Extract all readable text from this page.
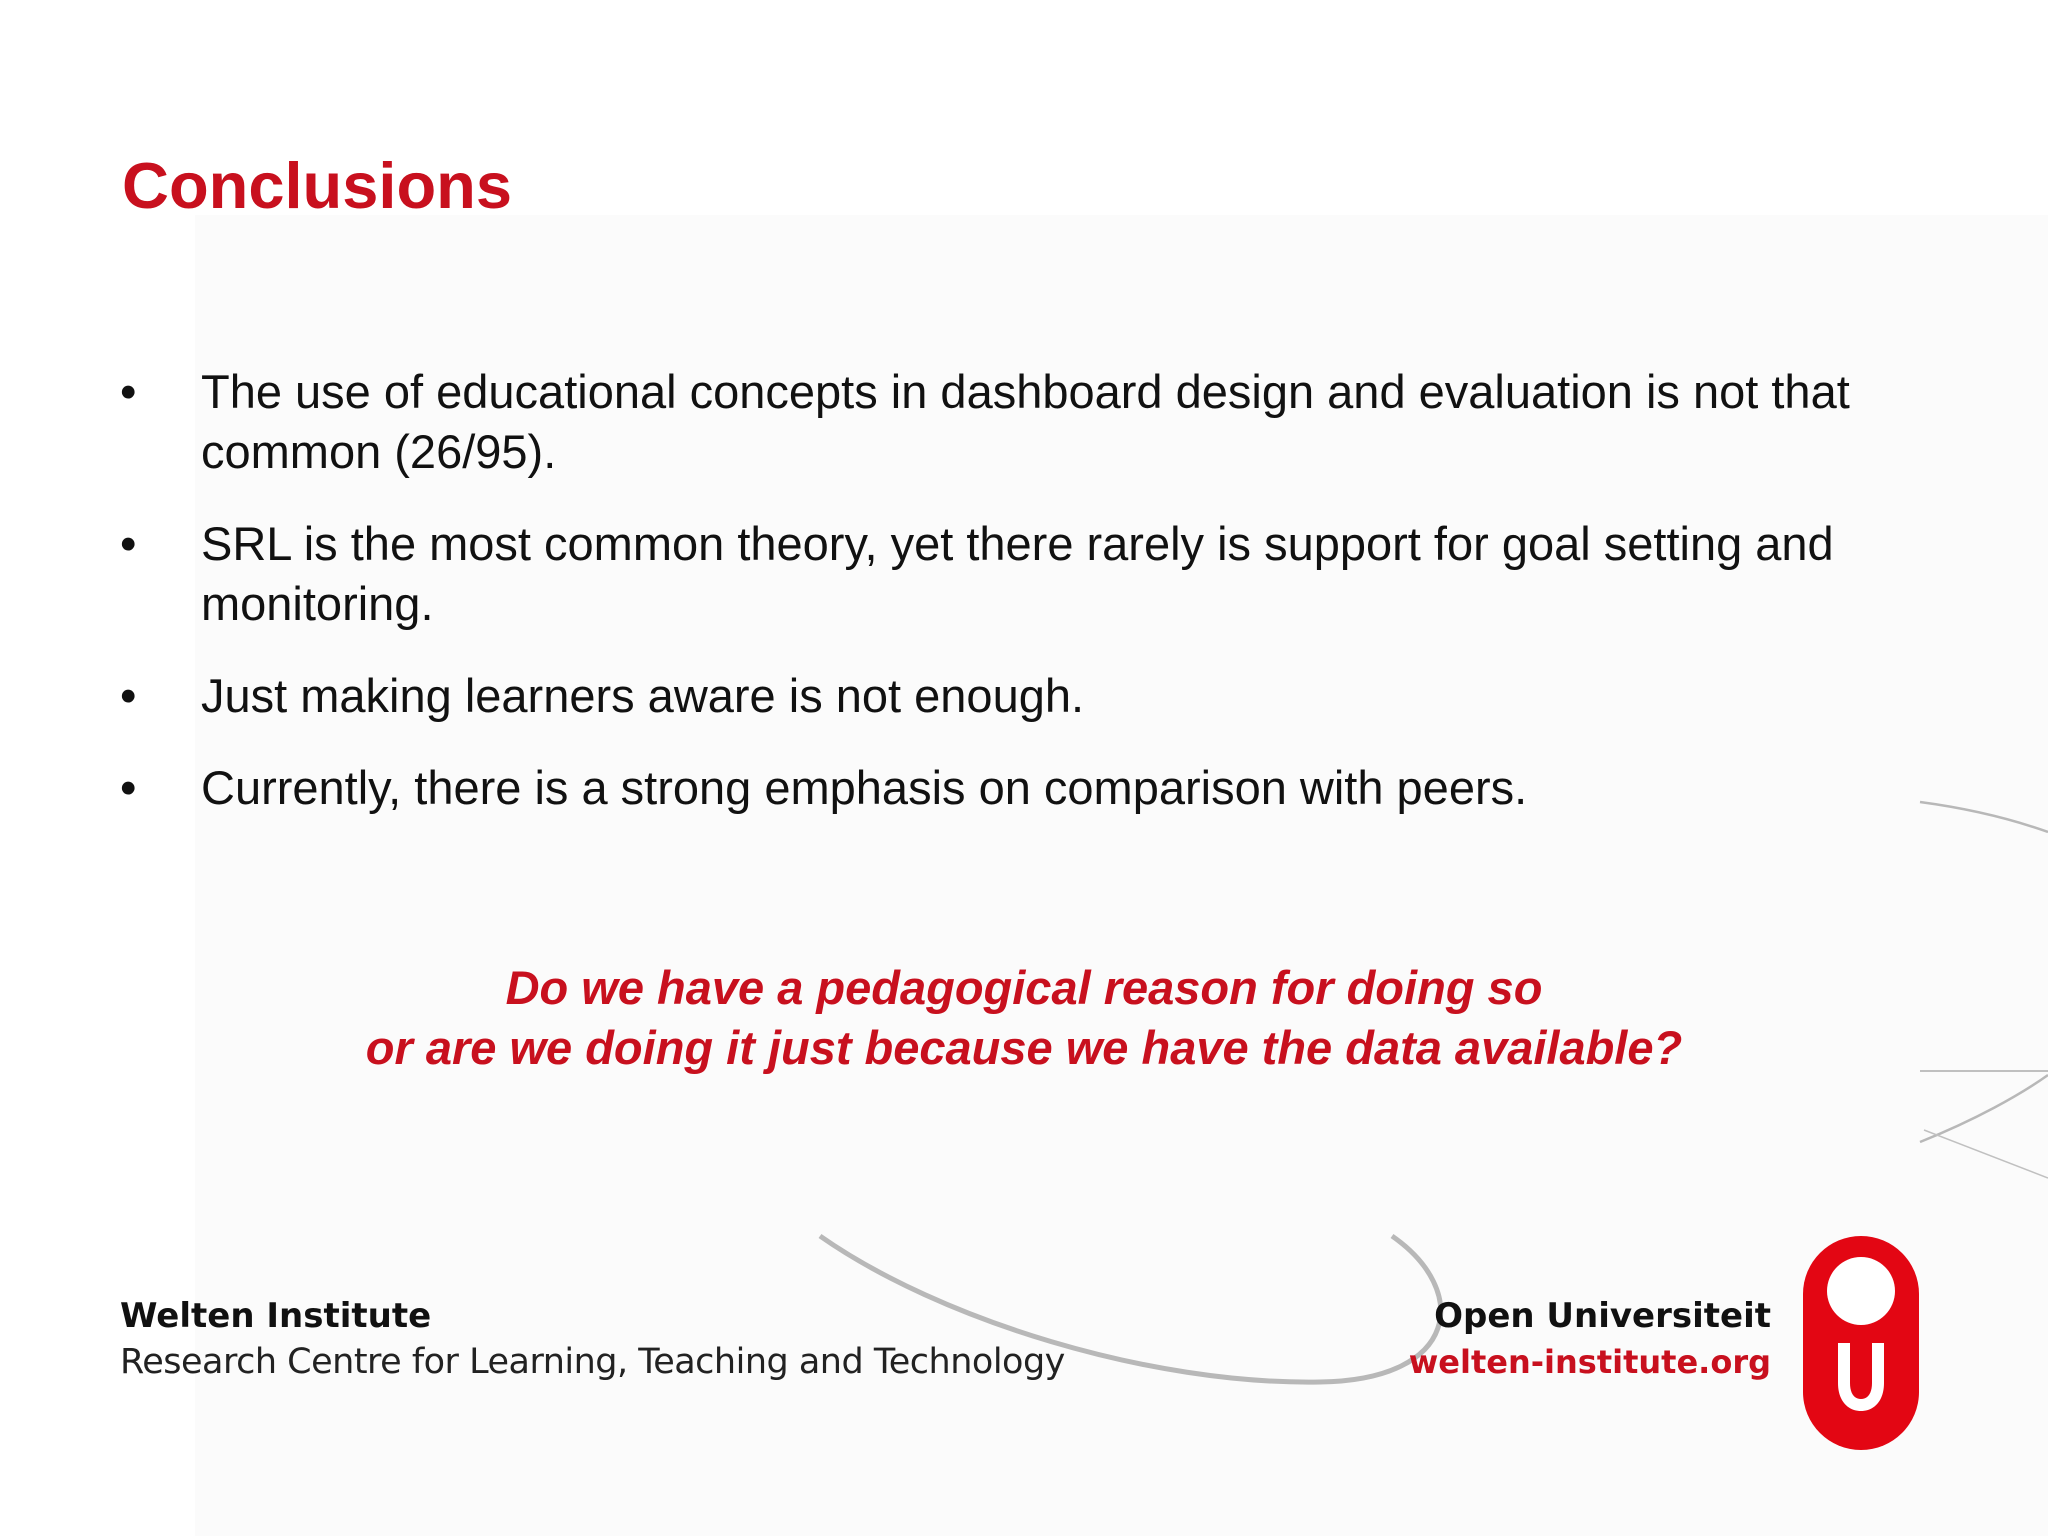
Conclusions
• The use of educational concepts in dashboard design and evaluation is not that common (26/95).
• SRL is the most common theory, yet there rarely is support for goal setting and monitoring.
• Just making learners aware is not enough.
• Currently, there is a strong emphasis on comparison with peers.
Do we have a pedagogical reason for doing so
or are we doing it just because we have the data available?
Welten Institute
Research Centre for Learning, Teaching and Technology
Open Universiteit
welten-institute.org
